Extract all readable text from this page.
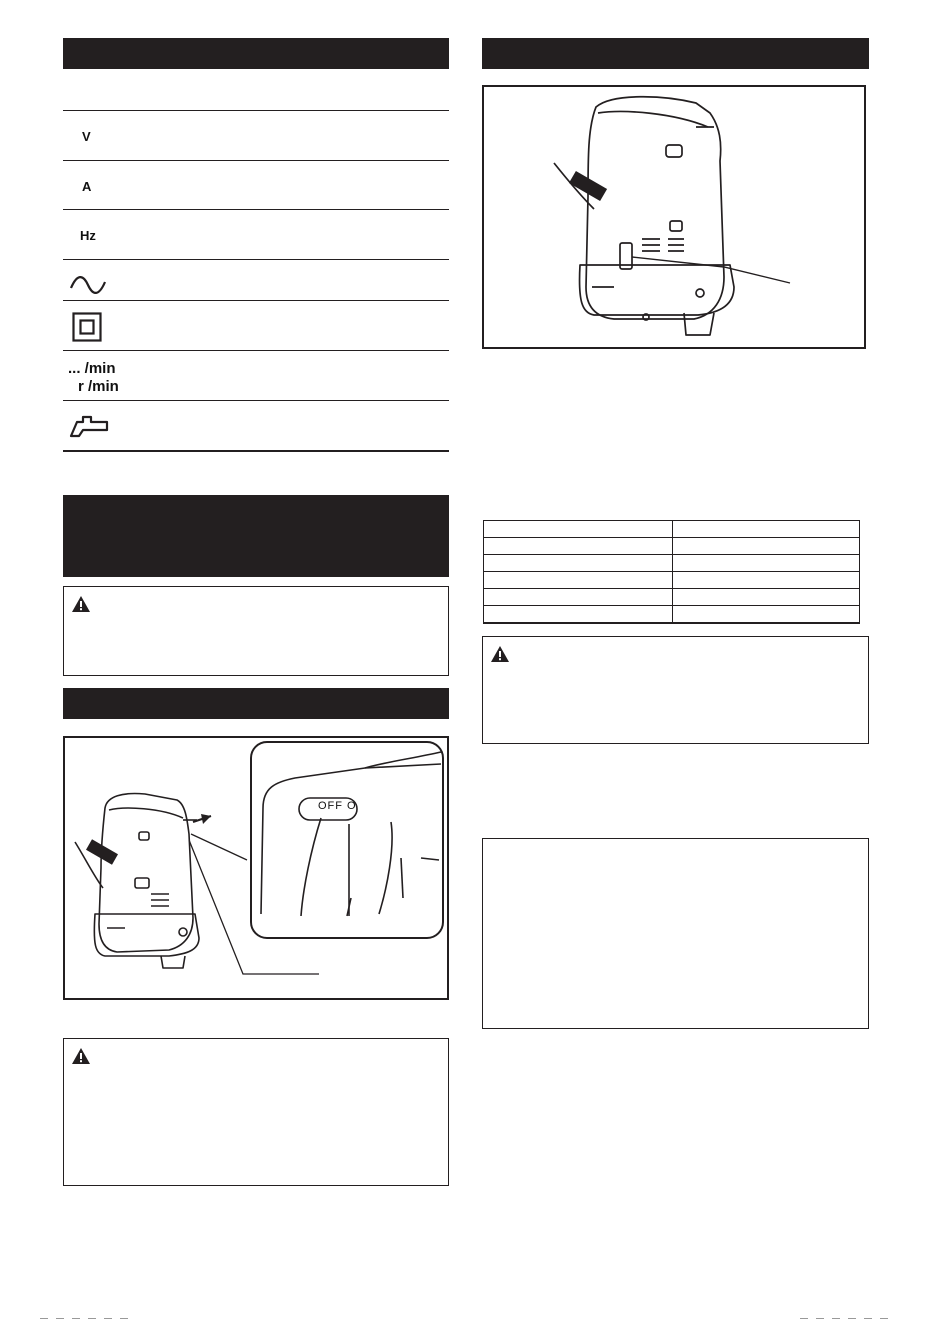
V
A
Hz
... /min
r /min
OFF O
